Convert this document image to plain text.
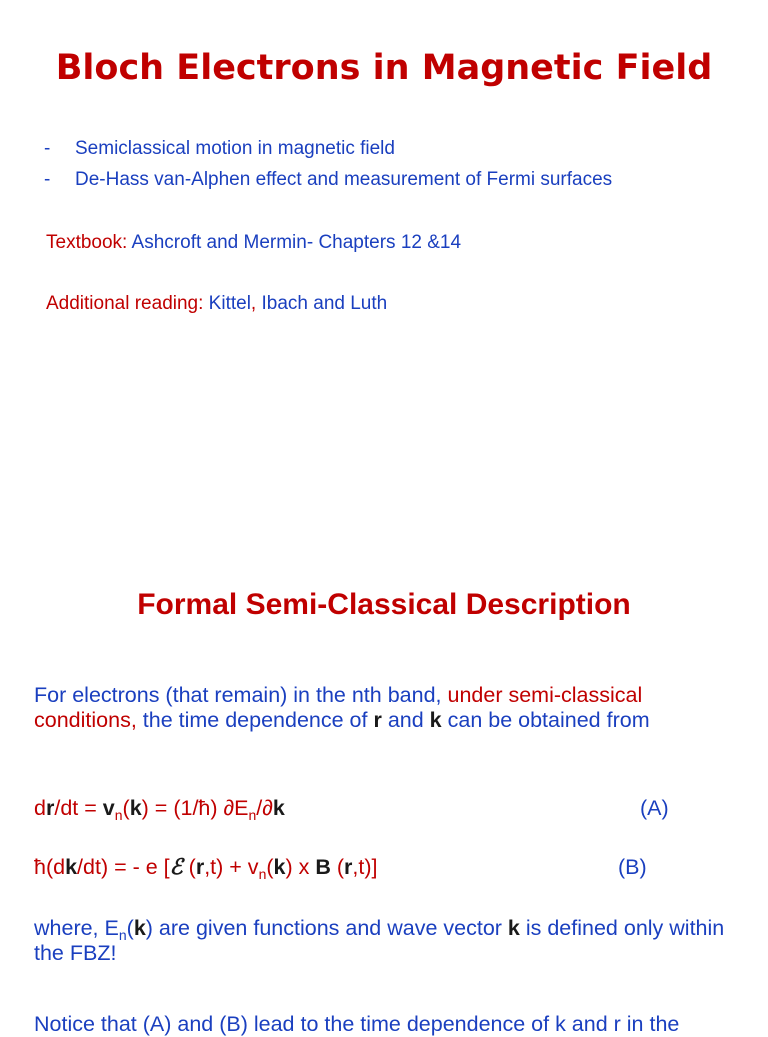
Bloch Electrons in Magnetic Field
-	Semiclassical motion in magnetic field
-	De-Hass van-Alphen effect and measurement of Fermi surfaces
Textbook: Ashcroft and Mermin- Chapters 12 &14
Additional reading: Kittel, Ibach and Luth
Formal Semi-Classical Description
For electrons (that remain) in the nth band, under semi-classical conditions, the time dependence of r and k can be obtained from
$dr/dt = v_n(k)$ = (1/ħ) $\partial E_n/\partial k$	(A)
ħ(dk/dt) = - e [ℰ $(r,t) + v_n(k)$ x B (r,t)]	(B)
where, $E_n(k)$ are given functions and wave vector k is defined only within the FBZ!
Notice that (A) and (B) lead to the time dependence of k and r in the
